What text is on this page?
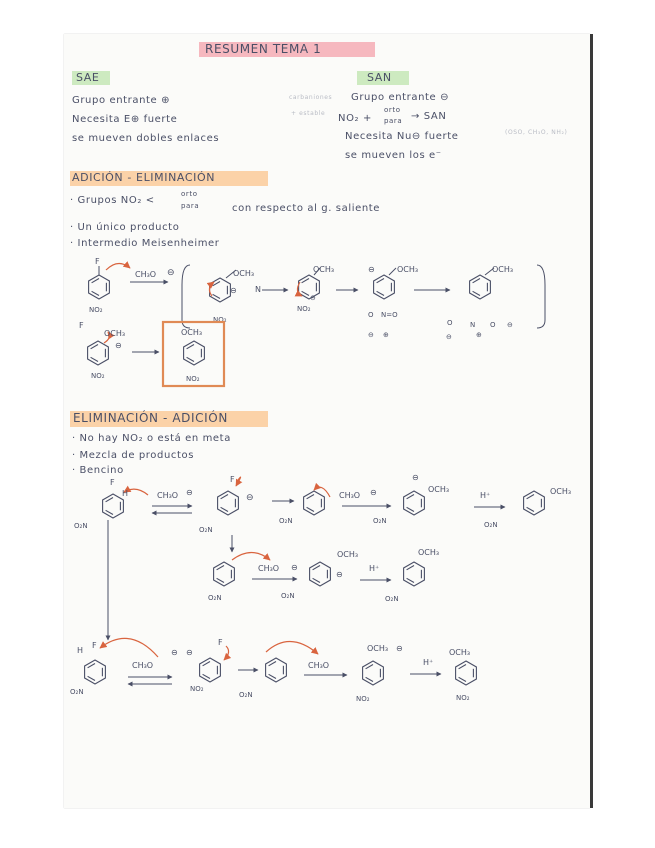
RESUMEN TEMA 1
SAE
Grupo entrante ⊕
Necesita E⊕ fuerte
se mueven dobles enlaces
SAN
carbaniones
+ estable
Grupo entrante ⊖
NO₂ +
orto
para → SAN
Necesita Nu⊖ fuerte	(OSO, CH₃O, NH₂)
se mueven los e⁻
ADICIÓN - ELIMINACIÓN
· Grupos NO₂ <
orto
para	con respecto al g. saliente
· Un único producto
· Intermedio Meisenheimer
ELIMINACIÓN - ADICIÓN
· No hay NO₂ o está en meta
· Mezcla de productos
· Bencino
F
NO₂
CH₃O ⊖
NO₂
OCH₃
⊖ N
NO₂
OCH₃
⊖
⊖	OCH₃
O N=O
⊖ ⊕
OCH₃
O N O
⊖	⊕
⊖
NO₂
OCH₃
F
⊖
OCH₃
NO₂
F
H
O₂N
CH₃O ⊖
F
⊖
O₂N
O₂N
CH₃O ⊖
⊖
OCH₃
O₂N
H⁺	OCH₃
O₂N
O₂N
CH₃O ⊖
OCH₃
⊖
O₂N
H⁺
OCH₃
O₂N
H
F
O₂N
CH₃O
⊖ ⊖
F
NO₂
O₂N
CH₃O
OCH₃ ⊖
NO₂
H⁺
OCH₃
NO₂
